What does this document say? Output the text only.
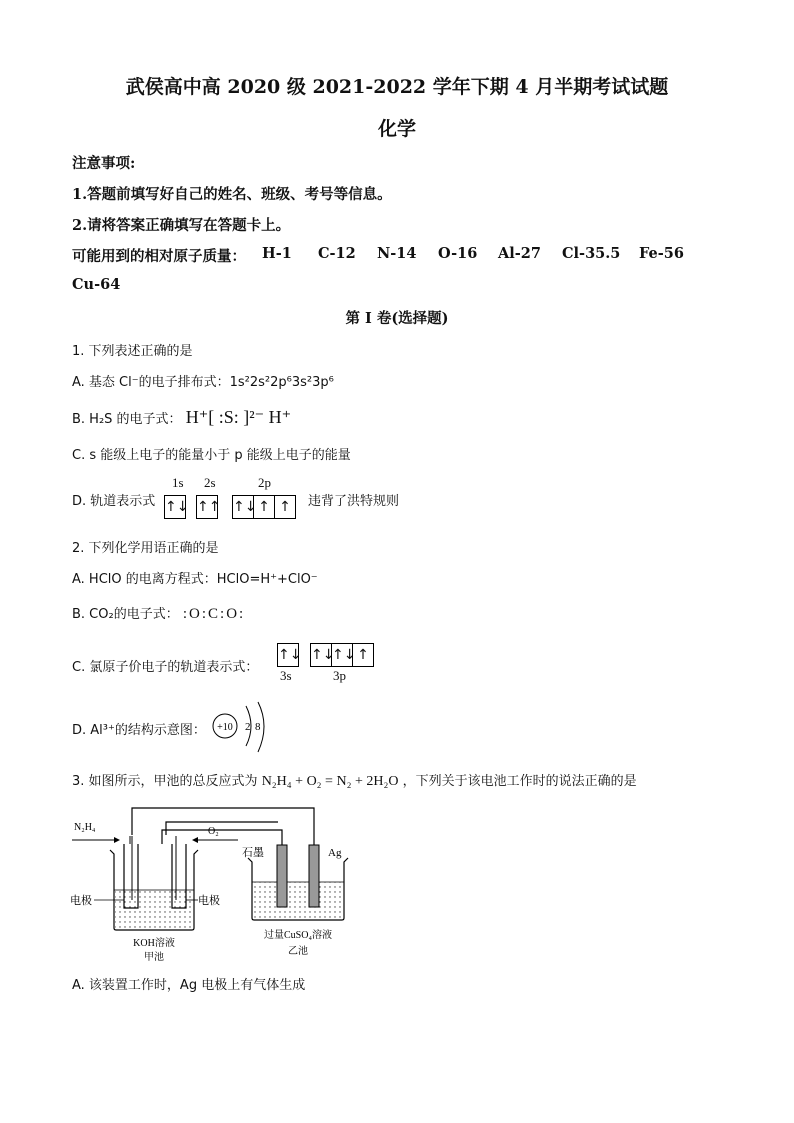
武侯高中高 2020 级 2021-2022 学年下期 4 月半期考试试题
化学
注意事项:
1.答题前填写好自己的姓名、班级、考号等信息。
2.请将答案正确填写在答题卡上。
可能用到的相对原子质量： H-1 C-12 N-14 O-16 Al-27 Cl-35.5 Fe-56
Cu-64
第 I 卷(选择题)
1. 下列表述正确的是
A. 基态 Cl⁻的电子排布式：1s²2s²2p⁶3s²3p⁶
B. H₂S 的电子式： H⁺[ :S: ]²⁻ H⁺
C. s 能级上电子的能量小于 p 能级上电子的能量
D. 轨道表示式
1s 2s	2p
↑↓ ↑↑ ↑↓ ↑ ↑	违背了洪特规则
2. 下列化学用语正确的是
A. HClO 的电离方程式：HClO=H⁺+ClO⁻
B. CO₂的电子式： :O:C:O:
C. 氯原子价电子的轨道表示式：
↑↓ ↑↓
↑↓ ↑
3s	3p
D. Al³⁺的结构示意图： +10 2 8
3. 如图所示，甲池的总反应式为 N₂H₄ + O₂ = N₂ + 2H₂O ，下列关于该电池工作时的说法正确的是
N₂H₄	O₂
电极	电极
KOH溶液
甲池
石墨	Ag
过量CuSO₄溶液
乙池
A. 该装置工作时，Ag 电极上有气体生成
